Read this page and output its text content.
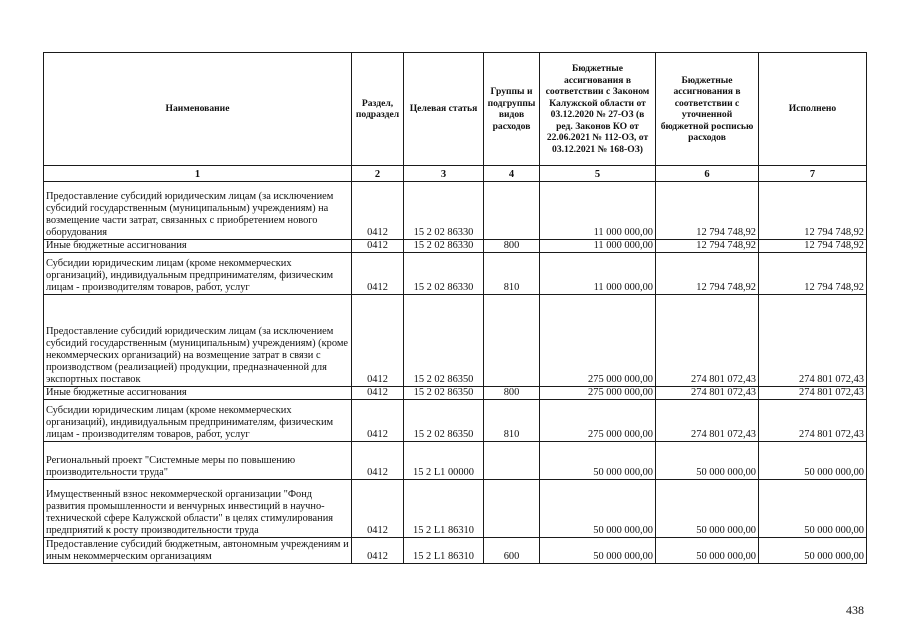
Наименование	Раздел, подраздел	Целевая статья	Группы и подгруппы видов расходов	Бюджетные ассигнования в соответствии с Законом Калужской области от 03.12.2020 № 27-ОЗ (в ред. Законов КО от 22.06.2021 № 112-ОЗ, от 03.12.2021 № 168-ОЗ)	Бюджетные ассигнования в соответствии с уточненной бюджетной росписью расходов	Исполнено
1	2	3	4	5	6	7
Предоставление субсидий юридическим лицам (за исключением субсидий государственным (муниципальным) учреждениям) на возмещение части затрат, связанных с приобретением нового оборудования	0412	15 2 02 86330		11 000 000,00	12 794 748,92	12 794 748,92
Иные бюджетные ассигнования	0412	15 2 02 86330	800	11 000 000,00	12 794 748,92	12 794 748,92
Субсидии юридическим лицам (кроме некоммерческих организаций), индивидуальным предпринимателям, физическим лицам - производителям товаров, работ, услуг	0412	15 2 02 86330	810	11 000 000,00	12 794 748,92	12 794 748,92
Предоставление субсидий юридическим лицам (за исключением субсидий государственным (муниципальным) учреждениям) (кроме некоммерческих организаций) на возмещение затрат в связи с производством (реализацией) продукции, предназначенной для экспортных поставок	0412	15 2 02 86350		275 000 000,00	274 801 072,43	274 801 072,43
Иные бюджетные ассигнования	0412	15 2 02 86350	800	275 000 000,00	274 801 072,43	274 801 072,43
Субсидии юридическим лицам (кроме некоммерческих организаций), индивидуальным предпринимателям, физическим лицам - производителям товаров, работ, услуг	0412	15 2 02 86350	810	275 000 000,00	274 801 072,43	274 801 072,43
Региональный проект "Системные меры по повышению производительности труда"	0412	15 2 L1 00000		50 000 000,00	50 000 000,00	50 000 000,00
Имущественный взнос некоммерческой организации "Фонд развития промышленности и венчурных инвестиций в научно-технической сфере Калужской области" в целях стимулирования предприятий к росту производительности труда	0412	15 2 L1 86310		50 000 000,00	50 000 000,00	50 000 000,00
Предоставление субсидий бюджетным, автономным учреждениям и иным некоммерческим организациям	0412	15 2 L1 86310	600	50 000 000,00	50 000 000,00	50 000 000,00
438
